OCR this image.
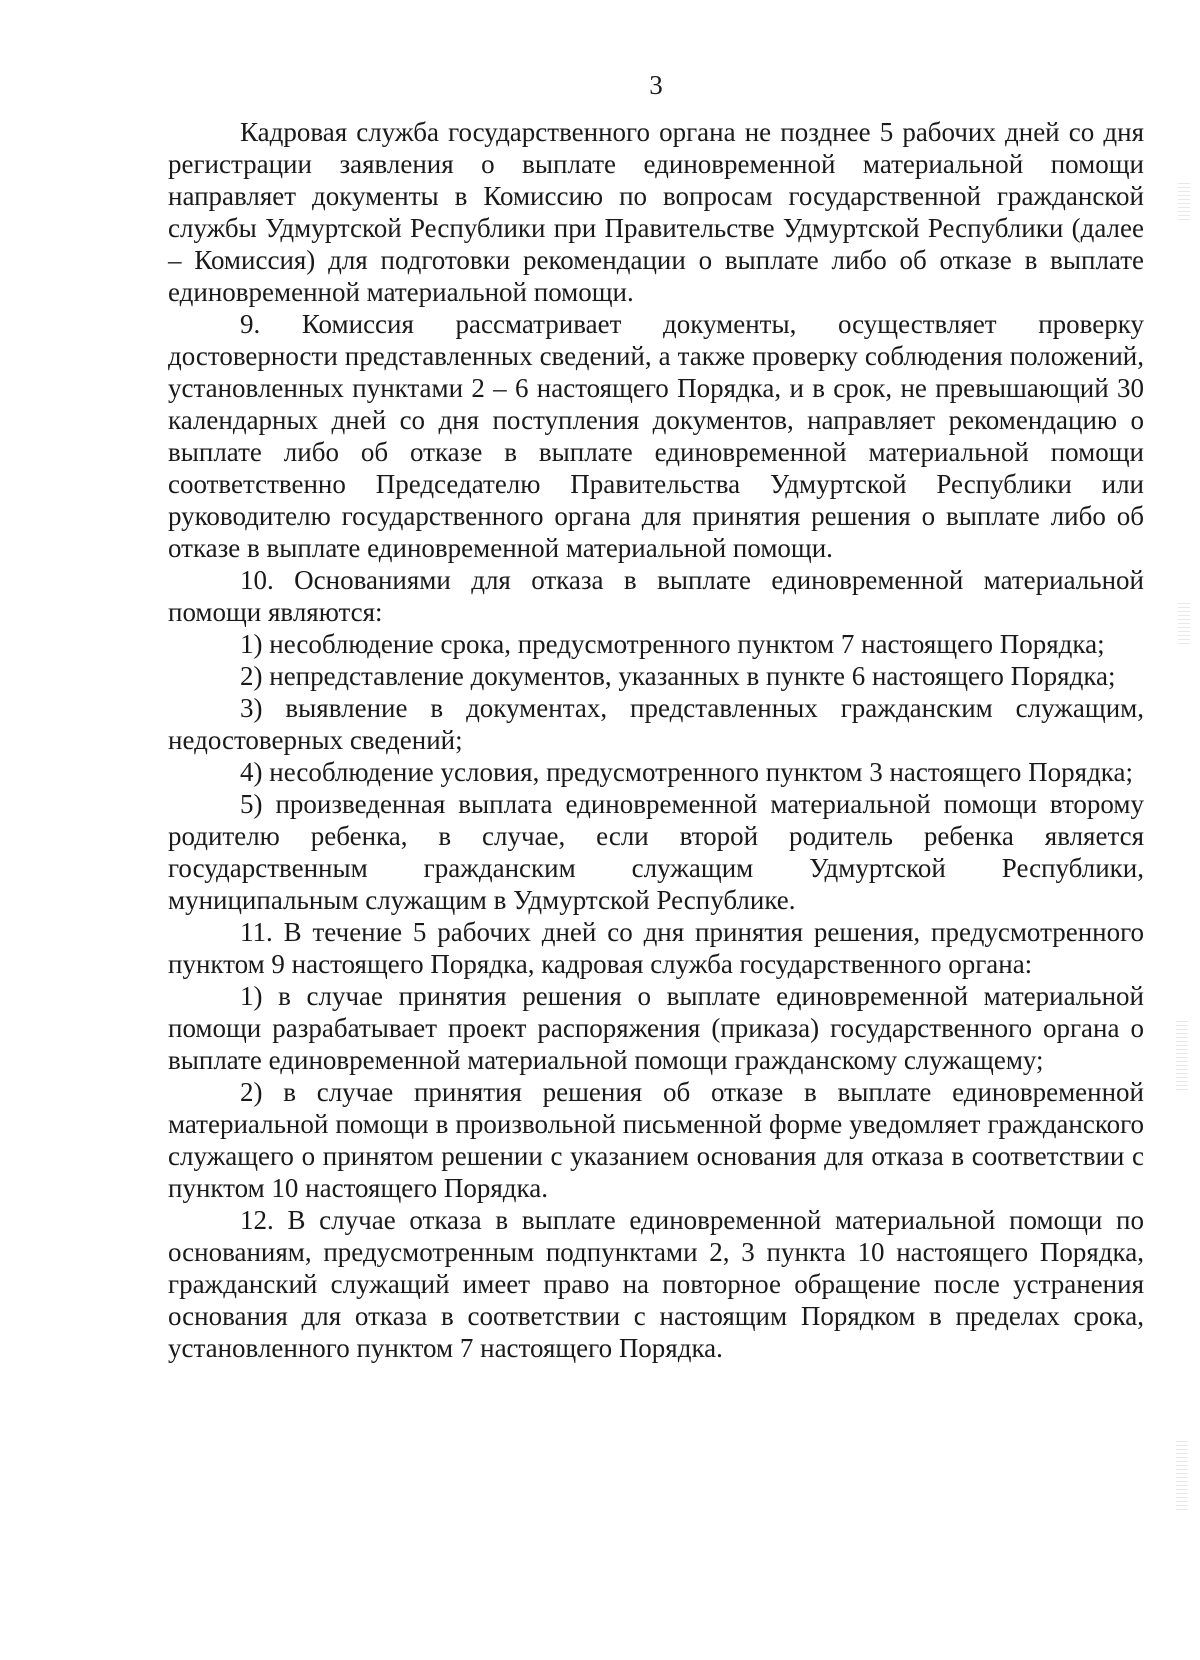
3

Кадровая служба государственного органа не позднее 5 рабочих дней со дня регистрации заявления о выплате единовременной материальной помощи направляет документы в Комиссию по вопросам государственной гражданской службы Удмуртской Республики при Правительстве Удмуртской Республики (далее – Комиссия) для подготовки рекомендации о выплате либо об отказе в выплате единовременной материальной помощи.

9. Комиссия рассматривает документы, осуществляет проверку достоверности представленных сведений, а также проверку соблюдения положений, установленных пунктами 2 – 6 настоящего Порядка, и в срок, не превышающий 30 календарных дней со дня поступления документов, направляет рекомендацию о выплате либо об отказе в выплате единовременной материальной помощи соответственно Председателю Правительства Удмуртской Республики или руководителю государственного органа для принятия решения о выплате либо об отказе в выплате единовременной материальной помощи.

10. Основаниями для отказа в выплате единовременной материальной помощи являются:

1) несоблюдение срока, предусмотренного пунктом 7 настоящего Порядка;

2) непредставление документов, указанных в пункте 6 настоящего Порядка;

3) выявление в документах, представленных гражданским служащим, недостоверных сведений;

4) несоблюдение условия, предусмотренного пунктом 3 настоящего Порядка;

5) произведенная выплата единовременной материальной помощи второму родителю ребенка, в случае, если второй родитель ребенка является государственным гражданским служащим Удмуртской Республики, муниципальным служащим в Удмуртской Республике.

11. В течение 5 рабочих дней со дня принятия решения, предусмотренного пунктом 9 настоящего Порядка, кадровая служба государственного органа:

1) в случае принятия решения о выплате единовременной материальной помощи разрабатывает проект распоряжения (приказа) государственного органа о выплате единовременной материальной помощи гражданскому служащему;

2) в случае принятия решения об отказе в выплате единовременной материальной помощи в произвольной письменной форме уведомляет гражданского служащего о принятом решении с указанием основания для отказа в соответствии с пунктом 10 настоящего Порядка.

12. В случае отказа в выплате единовременной материальной помощи по основаниям, предусмотренным подпунктами 2, 3 пункта 10 настоящего Порядка, гражданский служащий имеет право на повторное обращение после устранения основания для отказа в соответствии с настоящим Порядком в пределах срока, установленного пунктом 7 настоящего Порядка.
